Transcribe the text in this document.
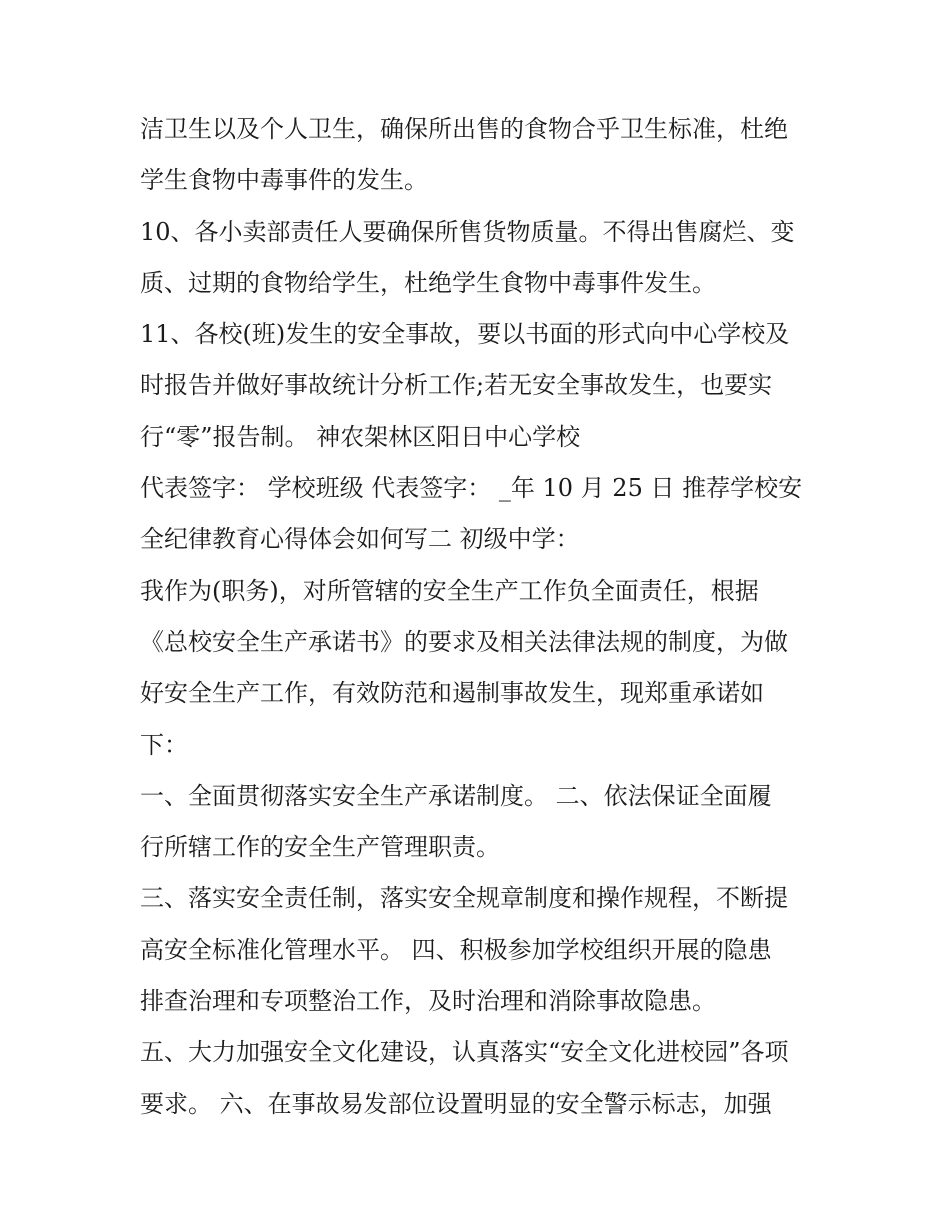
洁卫生以及个人卫生，确保所出售的食物合乎卫生标准，杜绝
学生食物中毒事件的发生。
10、各小卖部责任人要确保所售货物质量。不得出售腐烂、变
质、过期的食物给学生，杜绝学生食物中毒事件发生。
11、各校(班)发生的安全事故，要以书面的形式向中心学校及
时报告并做好事故统计分析工作;若无安全事故发生，也要实
行“零”报告制。 神农架林区阳日中心学校
代表签字： 学校班级 代表签字： _年 10 月 25 日 推荐学校安
全纪律教育心得体会如何写二 初级中学：
我作为(职务)，对所管辖的安全生产工作负全面责任，根据
《总校安全生产承诺书》的要求及相关法律法规的制度，为做
好安全生产工作，有效防范和遏制事故发生，现郑重承诺如
下：
一、全面贯彻落实安全生产承诺制度。 二、依法保证全面履
行所辖工作的安全生产管理职责。
三、落实安全责任制，落实安全规章制度和操作规程，不断提
高安全标准化管理水平。 四、积极参加学校组织开展的隐患
排查治理和专项整治工作，及时治理和消除事故隐患。
五、大力加强安全文化建设，认真落实“安全文化进校园”各项
要求。 六、在事故易发部位设置明显的安全警示标志，加强
